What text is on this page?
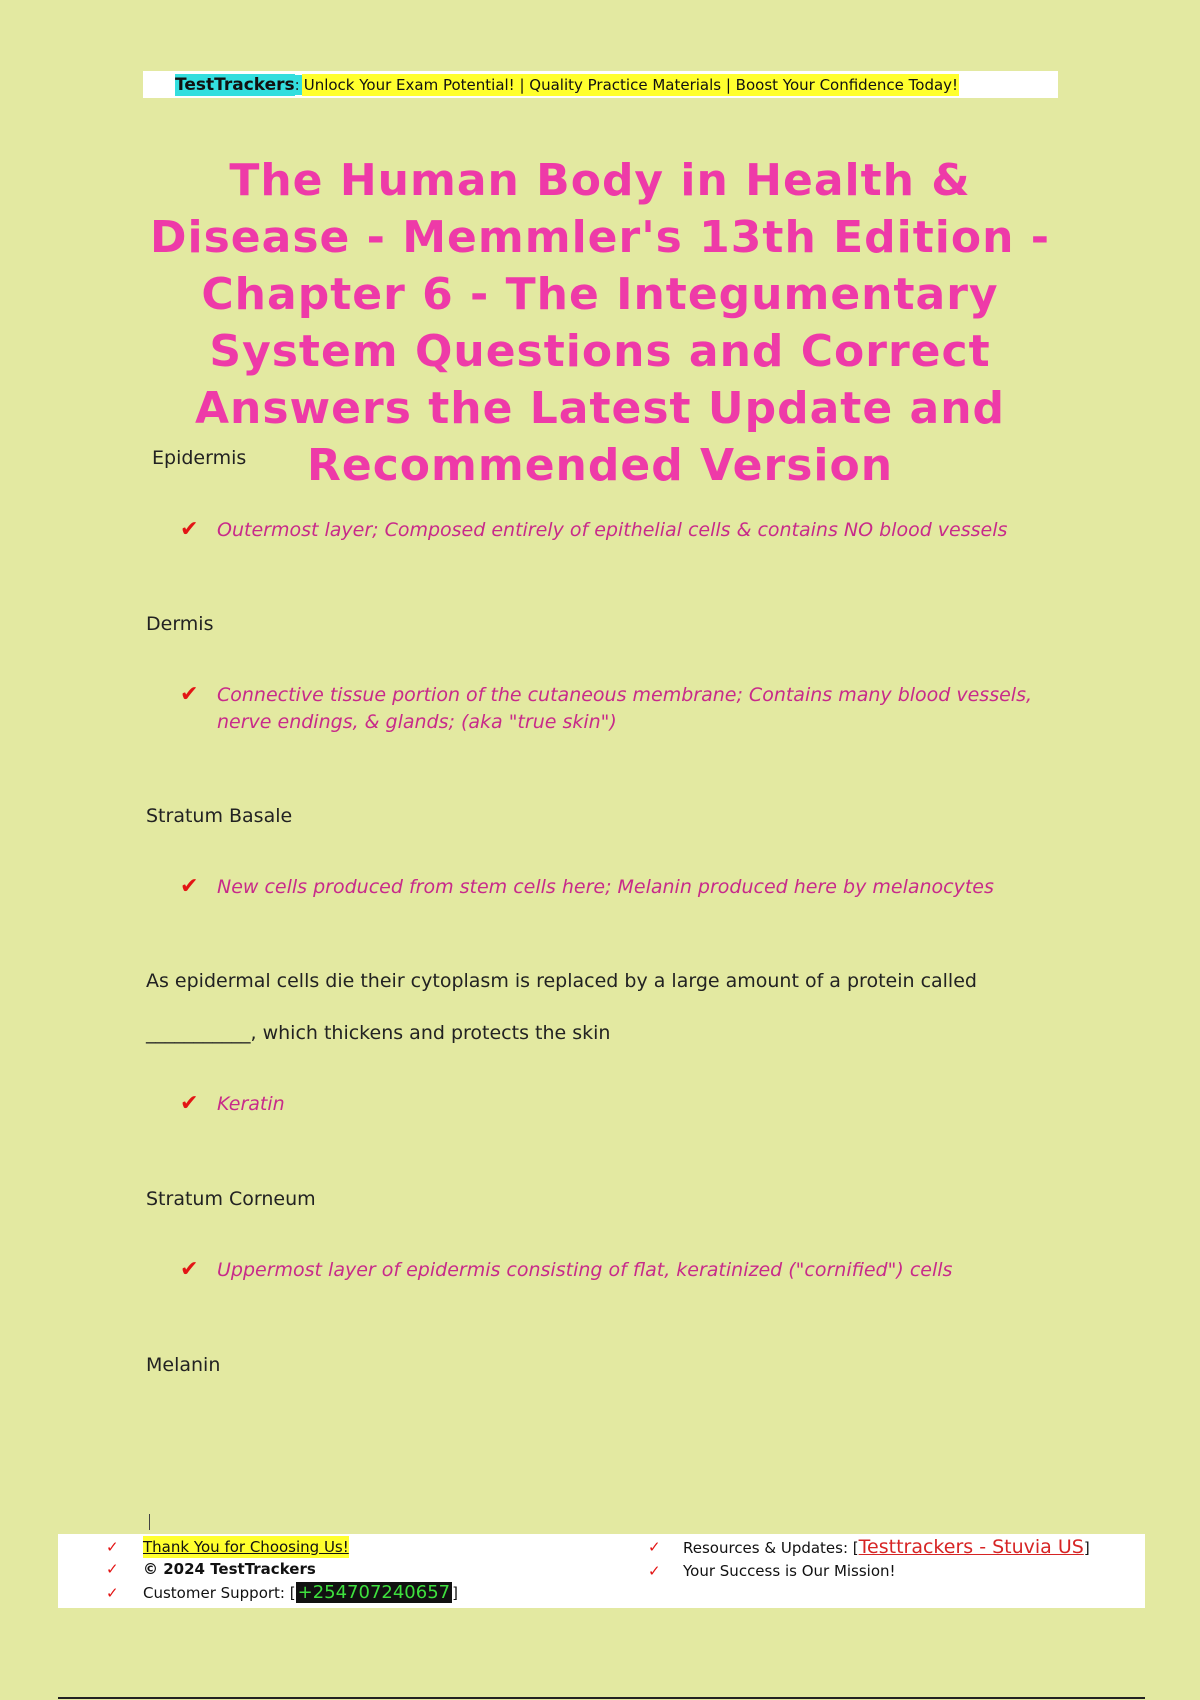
TestTrackers : Unlock Your Exam Potential! | Quality Practice Materials | Boost Your Confidence Today!
The Human Body in Health & Disease - Memmler's 13th Edition - Chapter 6 - The Integumentary System Questions and Correct Answers the Latest Update and Recommended Version
Epidermis
✔ Outermost layer; Composed entirely of epithelial cells & contains NO blood vessels
Dermis
✔ Connective tissue portion of the cutaneous membrane; Contains many blood vessels, nerve endings, & glands; (aka "true skin")
Stratum Basale
✔ New cells produced from stem cells here; Melanin produced here by melanocytes
As epidermal cells die their cytoplasm is replaced by a large amount of a protein called
___________, which thickens and protects the skin
✔ Keratin
Stratum Corneum
✔ Uppermost layer of epidermis consisting of flat, keratinized ("cornified") cells
Melanin
✓ Thank You for Choosing Us!
✓ © 2024 TestTrackers
✓ Customer Support: [ +254707240657 ]
✓ Resources & Updates: [Testtrackers - Stuvia US]
✓ Your Success is Our Mission!
